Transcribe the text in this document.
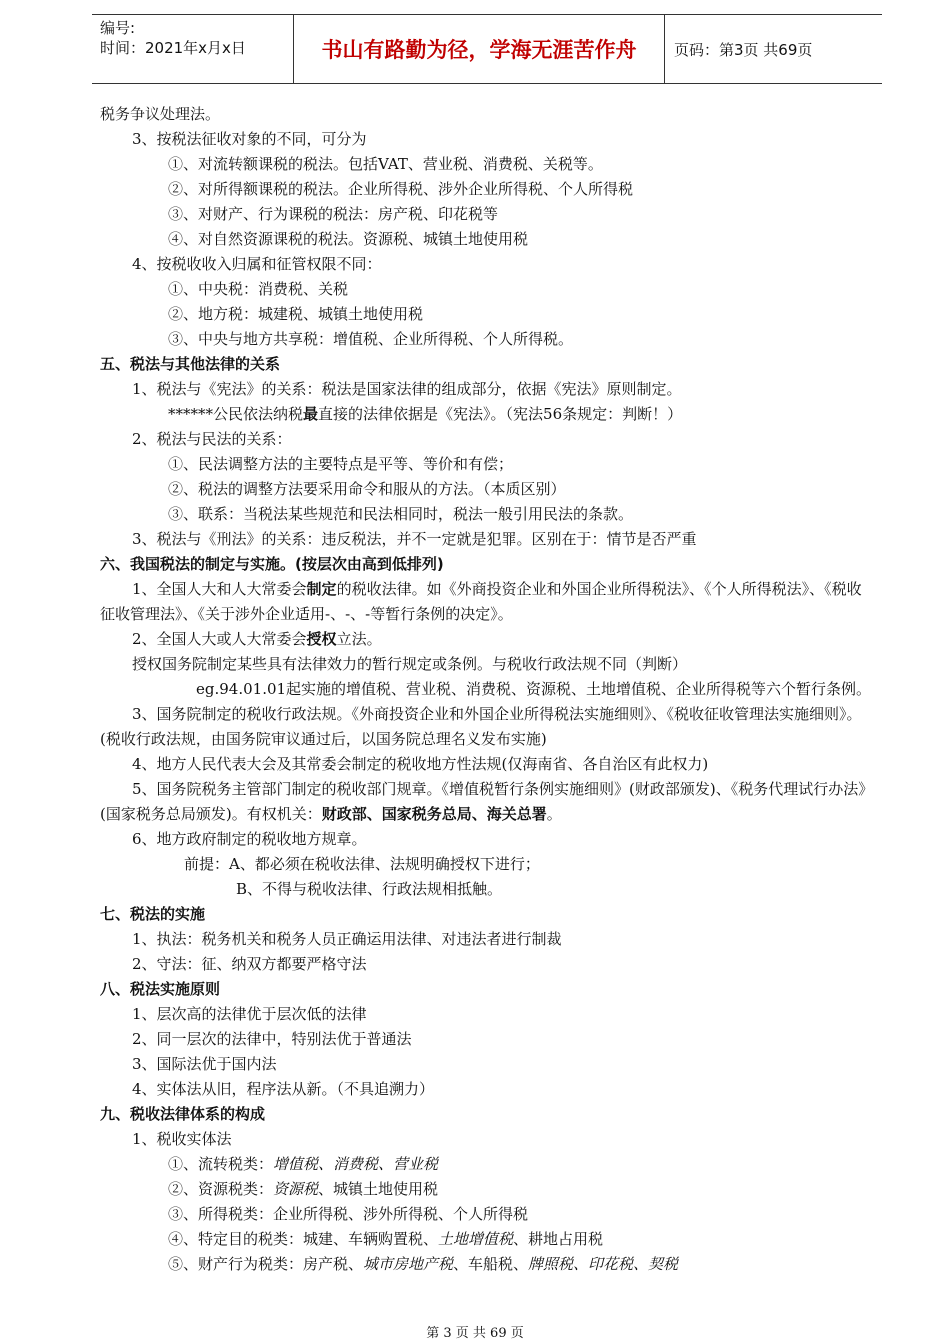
编号:
时间：2021年x月x日	书山有路勤为径，学海无涯苦作舟	页码：第3页 共69页
税务争议处理法。
3、按税法征收对象的不同，可分为
①、对流转额课税的税法。包括VAT、营业税、消费税、关税等。
②、对所得额课税的税法。企业所得税、涉外企业所得税、个人所得税
③、对财产、行为课税的税法：房产税、印花税等
④、对自然资源课税的税法。资源税、城镇土地使用税
4、按税收收入归属和征管权限不同：
①、中央税：消费税、关税
②、地方税：城建税、城镇土地使用税
③、中央与地方共享税：增值税、企业所得税、个人所得税。
五、税法与其他法律的关系
1、税法与《宪法》的关系：税法是国家法律的组成部分，依据《宪法》原则制定。
******公民依法纳税最直接的法律依据是《宪法》。（宪法56条规定：判断！）
2、税法与民法的关系：
①、民法调整方法的主要特点是平等、等价和有偿；
②、税法的调整方法要采用命令和服从的方法。（本质区别）
③、联系：当税法某些规范和民法相同时，税法一般引用民法的条款。
3、税法与《刑法》的关系：违反税法，并不一定就是犯罪。区别在于：情节是否严重
六、我国税法的制定与实施。(按层次由高到低排列)
1、全国人大和人大常委会制定的税收法律。如《外商投资企业和外国企业所得税法》、《个人所得税法》、《税收征收管理法》、《关于涉外企业适用-、-、-等暂行条例的决定》。
2、全国人大或人大常委会授权立法。
授权国务院制定某些具有法律效力的暂行规定或条例。与税收行政法规不同（判断）
eg.94.01.01起实施的增值税、营业税、消费税、资源税、土地增值税、企业所得税等六个暂行条例。
3、国务院制定的税收行政法规。《外商投资企业和外国企业所得税法实施细则》、《税收征收管理法实施细则》。(税收行政法规，由国务院审议通过后，以国务院总理名义发布实施)
4、地方人民代表大会及其常委会制定的税收地方性法规(仅海南省、各自治区有此权力)
5、国务院税务主管部门制定的税收部门规章。《增值税暂行条例实施细则》(财政部颁发)、《税务代理试行办法》(国家税务总局颁发)。有权机关：财政部、国家税务总局、海关总署。
6、地方政府制定的税收地方规章。
前提：A、都必须在税收法律、法规明确授权下进行；
B、不得与税收法律、行政法规相抵触。
七、税法的实施
1、执法：税务机关和税务人员正确运用法律、对违法者进行制裁
2、守法：征、纳双方都要严格守法
八、税法实施原则
1、层次高的法律优于层次低的法律
2、同一层次的法律中，特别法优于普通法
3、国际法优于国内法
4、实体法从旧，程序法从新。（不具追溯力）
九、税收法律体系的构成
1、税收实体法
①、流转税类：增值税、消费税、营业税
②、资源税类：资源税、城镇土地使用税
③、所得税类：企业所得税、涉外所得税、个人所得税
④、特定目的税类：城建、车辆购置税、土地增值税、耕地占用税
⑤、财产行为税类：房产税、城市房地产税、车船税、牌照税、印花税、契税
第 3 页 共 69 页
